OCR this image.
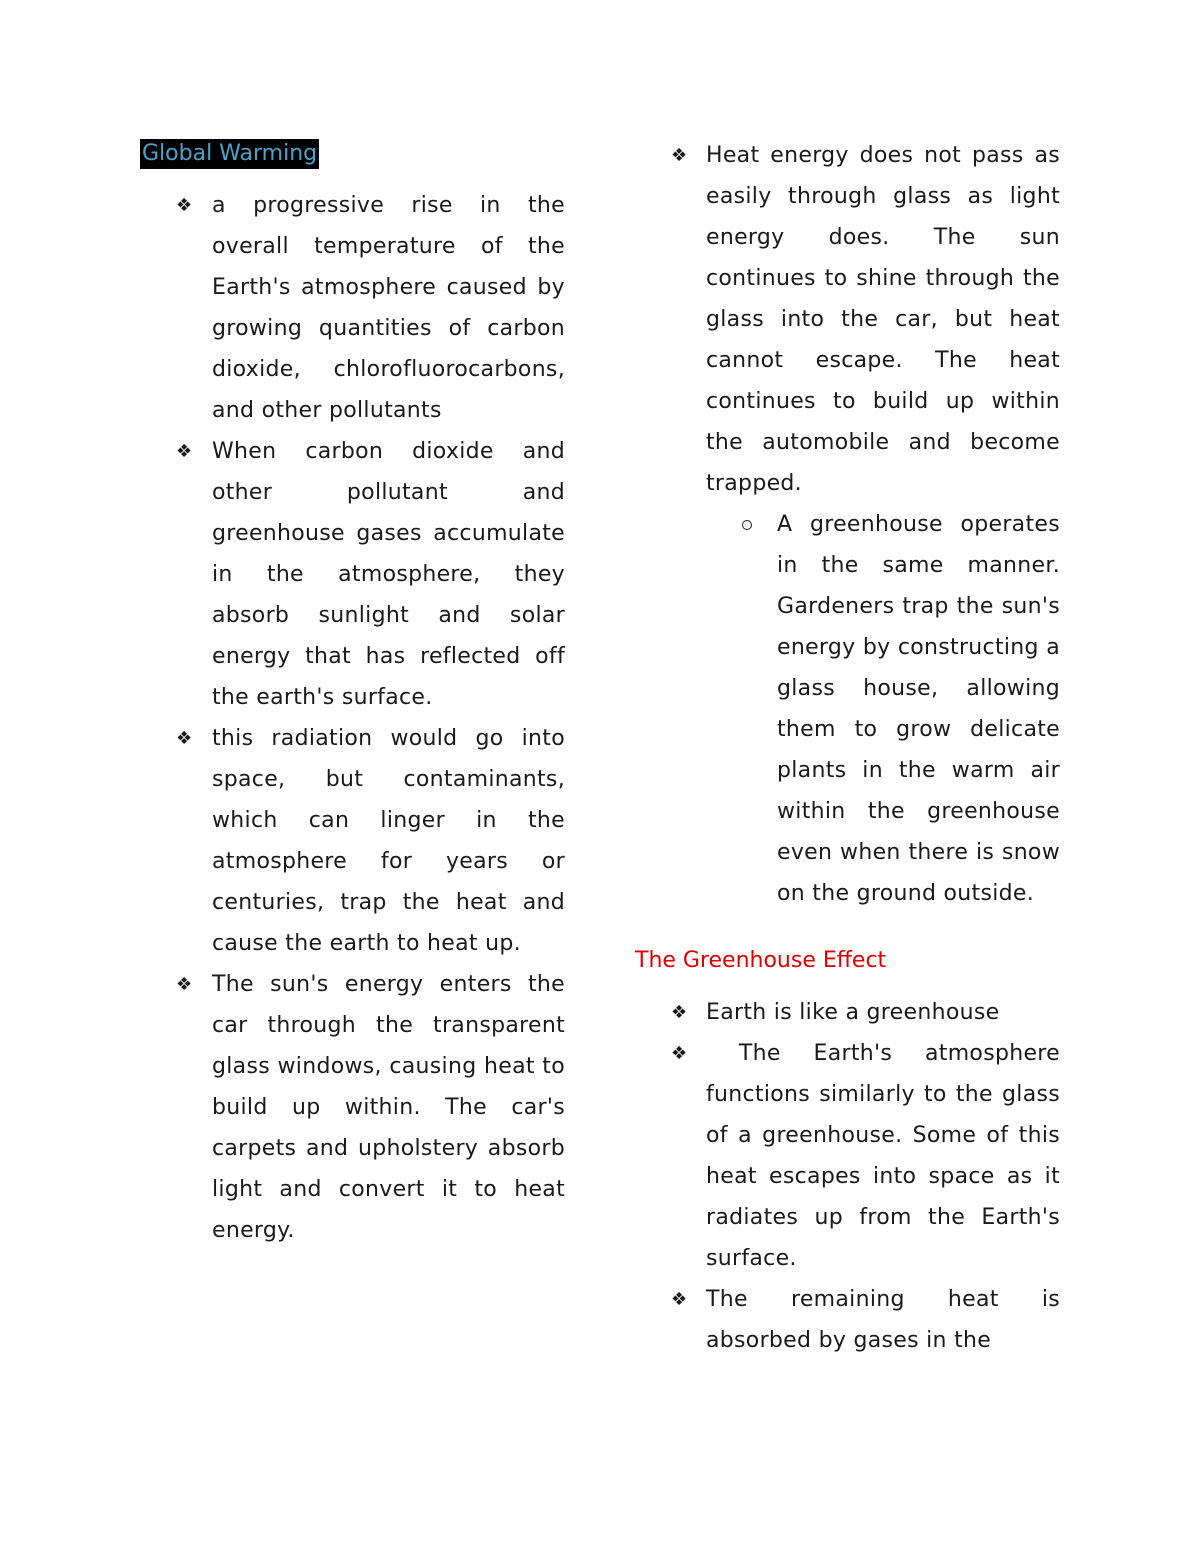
Global Warming
❖ a progressive rise in the overall temperature of the Earth's atmosphere caused by growing quantities of carbon dioxide, chlorofluorocarbons, and other pollutants
❖ When carbon dioxide and other pollutant and greenhouse gases accumulate in the atmosphere, they absorb sunlight and solar energy that has reflected off the earth's surface.
❖ this radiation would go into space, but contaminants, which can linger in the atmosphere for years or centuries, trap the heat and cause the earth to heat up.
❖ The sun's energy enters the car through the transparent glass windows, causing heat to build up within. The car's carpets and upholstery absorb light and convert it to heat energy.
❖ Heat energy does not pass as easily through glass as light energy does. The sun continues to shine through the glass into the car, but heat cannot escape. The heat continues to build up within the automobile and become trapped.
A greenhouse operates in the same manner. Gardeners trap the sun's energy by constructing a glass house, allowing them to grow delicate plants in the warm air within the greenhouse even when there is snow on the ground outside.
The Greenhouse Effect
❖ Earth is like a greenhouse
❖ The Earth's atmosphere functions similarly to the glass of a greenhouse. Some of this heat escapes into space as it radiates up from the Earth's surface.
❖ The remaining heat is absorbed by gases in the
